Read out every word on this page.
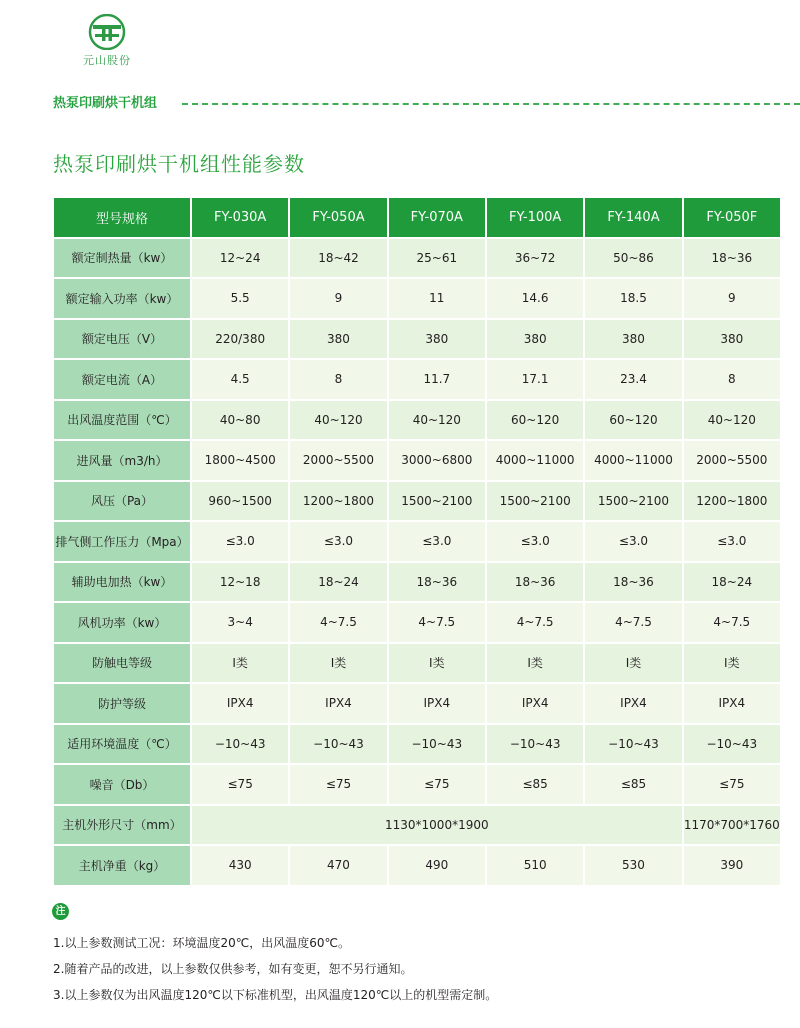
元山股份
热泵印刷烘干机组
热泵印刷烘干机组性能参数
型号规格	FY-030A	FY-050A	FY-070A	FY-100A	FY-140A	FY-050F
额定制热量（kw）	12~24	18~42	25~61	36~72	50~86	18~36
额定输入功率（kw）	5.5	9	11	14.6	18.5	9
额定电压（V）	220/380	380	380	380	380	380
额定电流（A）	4.5	8	11.7	17.1	23.4	8
出风温度范围（℃）	40~80	40~120	40~120	60~120	60~120	40~120
进风量（m3/h）	1800~4500	2000~5500	3000~6800	4000~11000	4000~11000	2000~5500
风压（Pa）	960~1500	1200~1800	1500~2100	1500~2100	1500~2100	1200~1800
排气侧工作压力（Mpa）	≤3.0	≤3.0	≤3.0	≤3.0	≤3.0	≤3.0
辅助电加热（kw）	12~18	18~24	18~36	18~36	18~36	18~24
风机功率（kw）	3~4	4~7.5	4~7.5	4~7.5	4~7.5	4~7.5
防触电等级	Ⅰ类	Ⅰ类	Ⅰ类	Ⅰ类	Ⅰ类	Ⅰ类
防护等级	IPX4	IPX4	IPX4	IPX4	IPX4	IPX4
适用环境温度（℃）	−10~43	−10~43	−10~43	−10~43	−10~43	−10~43
噪音（Db）	≤75	≤75	≤75	≤85	≤85	≤75
主机外形尺寸（mm）	1130*1000*1900					1170*700*1760
主机净重（kg）	430	470	490	510	530	390
注
1.以上参数测试工况：环境温度20℃，出风温度60℃。
2.随着产品的改进，以上参数仅供参考，如有变更，恕不另行通知。
3.以上参数仅为出风温度120℃以下标准机型，出风温度120℃以上的机型需定制。
